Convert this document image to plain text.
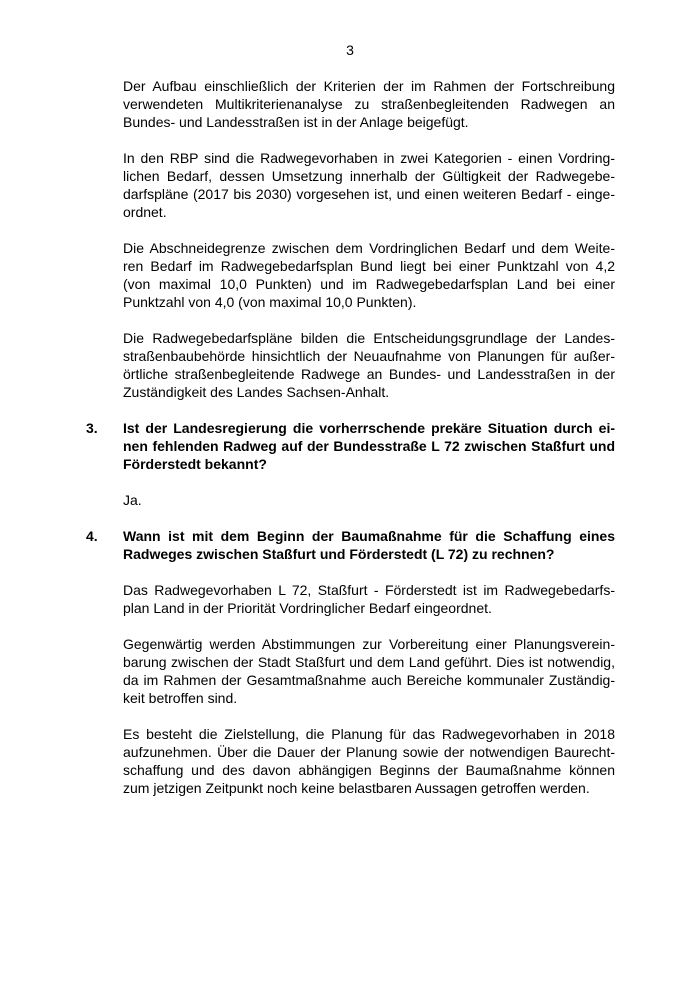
3
Der Aufbau einschließlich der Kriterien der im Rahmen der Fortschreibung
verwendeten Multikriterienanalyse zu straßenbegleitenden Radwegen an
Bundes- und Landesstraßen ist in der Anlage beigefügt.
In den RBP sind die Radwegevorhaben in zwei Kategorien - einen Vordring-
lichen Bedarf, dessen Umsetzung innerhalb der Gültigkeit der Radwegebe-
darfspläne (2017 bis 2030) vorgesehen ist, und einen weiteren Bedarf - einge-
ordnet.
Die Abschneidegrenze zwischen dem Vordringlichen Bedarf und dem Weite-
ren Bedarf im Radwegebedarfsplan Bund liegt bei einer Punktzahl von 4,2
(von maximal 10,0 Punkten) und im Radwegebedarfsplan Land bei einer
Punktzahl von 4,0 (von maximal 10,0 Punkten).
Die Radwegebedarfspläne bilden die Entscheidungsgrundlage der Landes-
straßenbaubehörde hinsichtlich der Neuaufnahme von Planungen für außer-
örtliche straßenbegleitende Radwege an Bundes- und Landesstraßen in der
Zuständigkeit des Landes Sachsen-Anhalt.
3. Ist der Landesregierung die vorherrschende prekäre Situation durch ei-
nen fehlenden Radweg auf der Bundesstraße L 72 zwischen Staßfurt und
Förderstedt bekannt?
Ja.
4. Wann ist mit dem Beginn der Baumaßnahme für die Schaffung eines
Radweges zwischen Staßfurt und Förderstedt (L 72) zu rechnen?
Das Radwegevorhaben L 72, Staßfurt - Förderstedt ist im Radwegebedarfs-
plan Land in der Priorität Vordringlicher Bedarf eingeordnet.
Gegenwärtig werden Abstimmungen zur Vorbereitung einer Planungsverein-
barung zwischen der Stadt Staßfurt und dem Land geführt. Dies ist notwendig,
da im Rahmen der Gesamtmaßnahme auch Bereiche kommunaler Zuständig-
keit betroffen sind.
Es besteht die Zielstellung, die Planung für das Radwegevorhaben in 2018
aufzunehmen. Über die Dauer der Planung sowie der notwendigen Baurecht-
schaffung und des davon abhängigen Beginns der Baumaßnahme können
zum jetzigen Zeitpunkt noch keine belastbaren Aussagen getroffen werden.
